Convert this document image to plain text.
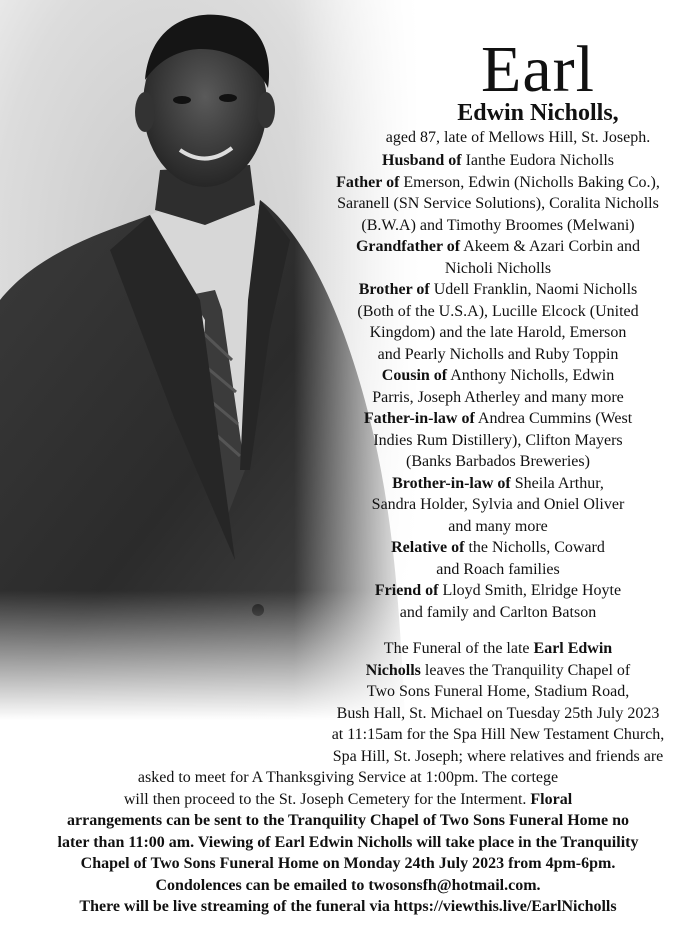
Earl
Edwin Nicholls,
aged 87, late of Mellows Hill, St. Joseph.
Husband of Ianthe Eudora Nicholls
Father of Emerson, Edwin (Nicholls Baking Co.),
Saranell (SN Service Solutions), Coralita Nicholls
(B.W.A) and Timothy Broomes (Melwani)
Grandfather of Akeem & Azari Corbin and
Nicholi Nicholls
Brother of Udell Franklin, Naomi Nicholls
(Both of the U.S.A), Lucille Elcock (United
Kingdom) and the late Harold, Emerson
and Pearly Nicholls and Ruby Toppin
Cousin of Anthony Nicholls, Edwin
Parris, Joseph Atherley and many more
Father-in-law of Andrea Cummins (West
Indies Rum Distillery), Clifton Mayers
(Banks Barbados Breweries)
Brother-in-law of Sheila Arthur,
Sandra Holder, Sylvia and Oniel Oliver
and many more
Relative of the Nicholls, Coward
and Roach families
Friend of Lloyd Smith, Elridge Hoyte
and family and Carlton Batson
The Funeral of the late Earl Edwin
Nicholls leaves the Tranquility Chapel of
Two Sons Funeral Home, Stadium Road,
Bush Hall, St. Michael on Tuesday 25th July 2023
at 11:15am for the Spa Hill New Testament Church,
Spa Hill, St. Joseph; where relatives and friends are
asked to meet for A Thanksgiving Service at 1:00pm. The cortege
will then proceed to the St. Joseph Cemetery for the Interment. Floral
arrangements can be sent to the Tranquility Chapel of Two Sons Funeral Home no
later than 11:00 am. Viewing of Earl Edwin Nicholls will take place in the Tranquility
Chapel of Two Sons Funeral Home on Monday 24th July 2023 from 4pm-6pm.
Condolences can be emailed to twosonsfh@hotmail.com.
There will be live streaming of the funeral via https://viewthis.live/EarlNicholls
